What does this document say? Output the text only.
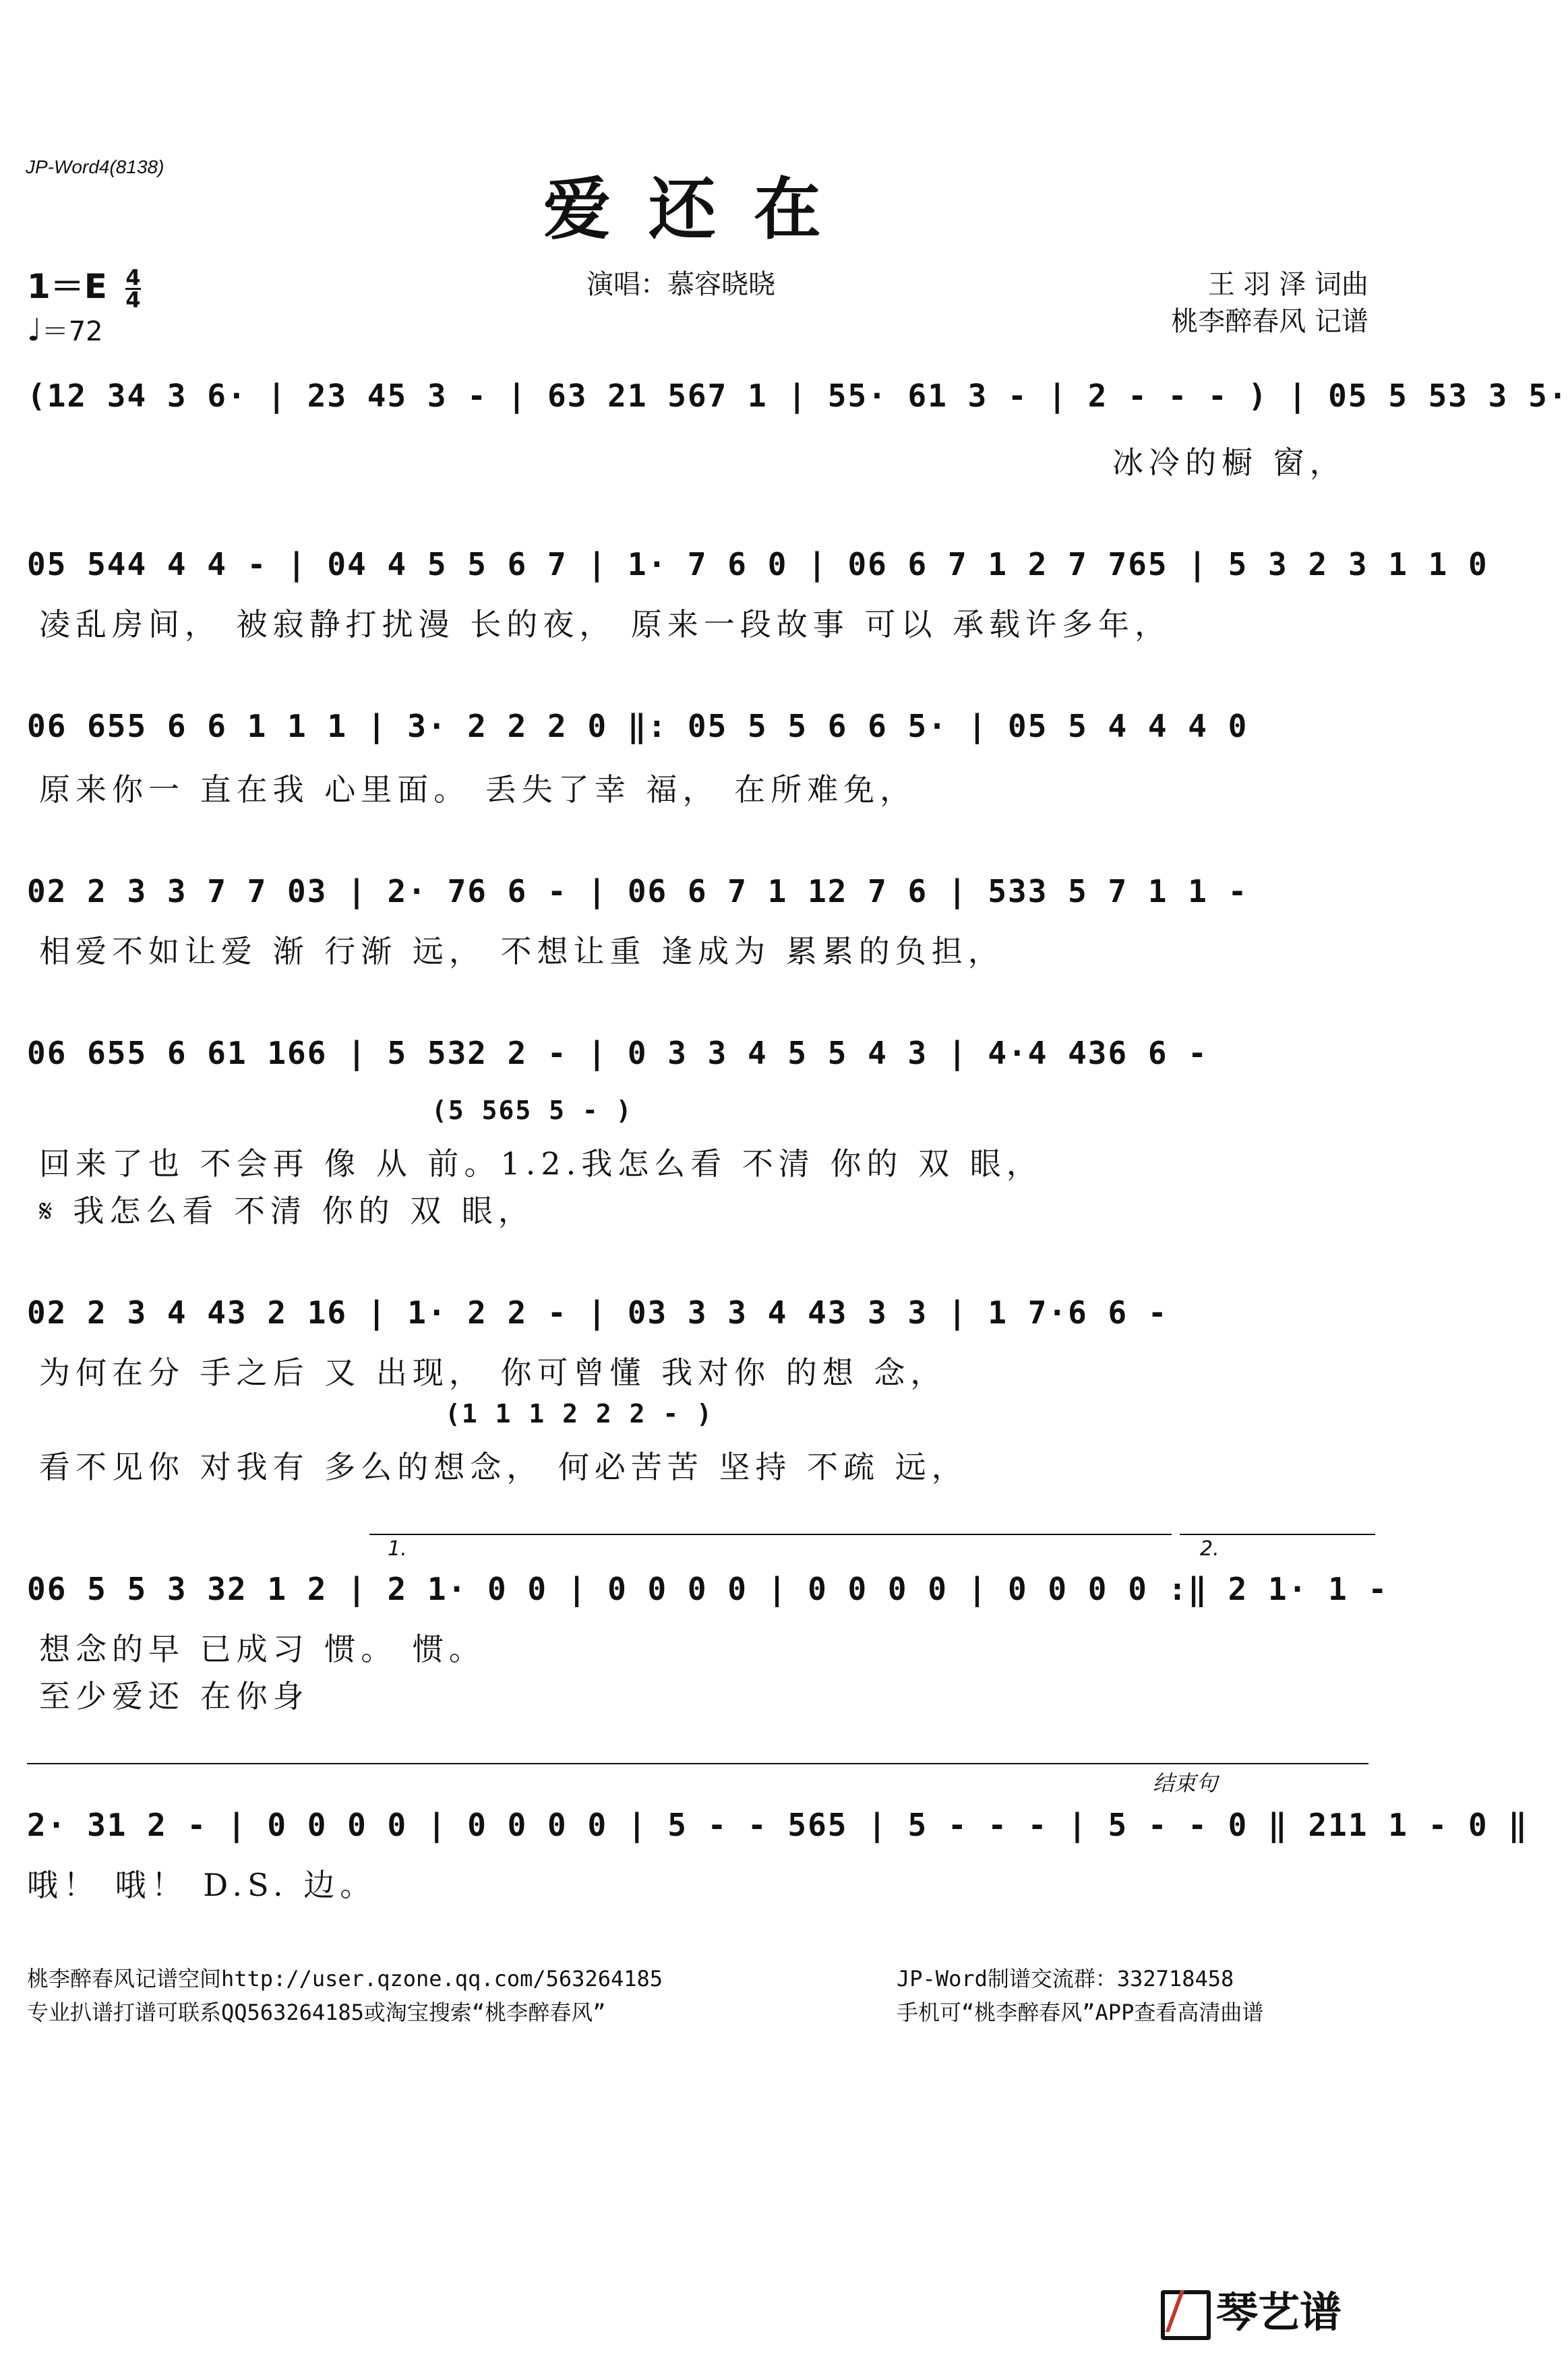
JP-Word4(8138)
爱还在
$1=E \frac{4}{4}$
♩＝72
演唱：慕容晓晓	王 羽 泽 词曲
桃李醉春风 记谱
(12 34 3 6· | 23 45 3 - | 63 21 567 1 | 55· 61 3 - | 2 - - - ) | 05 5 53 3 5·
冰冷的橱 窗，
05 544 4 4 - | 04 4 5 5 6 7 | 1· 7 6 0 | 06 6 7 1 2 7 765 | 5 3 2 3 1 1 0
凌乱房间， 被寂静打扰漫 长的夜， 原来一段故事 可以 承载许多年，
06 655 6 6 1 1 1 | 3· 2 2 2 0 ‖: 05 5 5 6 6 5· | 05 5 4 4 4 0
原来你一 直在我 心里面。 丢失了幸 福， 在所难免，
02 2 3 3 7 7 03 | 2· 76 6 - | 06 6 7 1 12 7 6 | 533 5 7 1 1 -
相爱不如让爱 渐 行渐 远， 不想让重 逢成为 累累的负担，
06 655 6 61 166 | 5 532 2 - | 0 3 3 4 5 5 4 3 | 4·4 436 6 -
(5 565 5 - )
回来了也 不会再 像 从 前。1.2.我怎么看 不清 你的 双 眼，
𝄋 我怎么看 不清 你的 双 眼，
02 2 3 4 43 2 16 | 1· 2 2 - | 03 3 3 4 43 3 3 | 1 7·6 6 -
为何在分 手之后 又 出现， 你可曾懂 我对你 的想 念，
(1 1 1 2 2 2 - )
看不见你 对我有 多么的想念， 何必苦苦 坚持 不疏 远，
1.	2.
06 5 5 3 32 1 2 | 2 1· 0 0 | 0 0 0 0 | 0 0 0 0 | 0 0 0 0 :‖ 2 1· 1 -
想念的早 已成习 惯。 惯。
至少爱还 在你身
结束句
2· 31 2 - | 0 0 0 0 | 0 0 0 0 | 5 - - 565 | 5 - - - | 5 - - 0 ‖ 211 1 - 0 ‖
哦！ 哦！ D.S. 边。
桃李醉春风记谱空间http://user.qzone.qq.com/563264185
专业扒谱打谱可联系QQ563264185或淘宝搜索“桃李醉春风”
JP-Word制谱交流群：332718458
手机可“桃李醉春风”APP查看高清曲谱
琴艺谱
